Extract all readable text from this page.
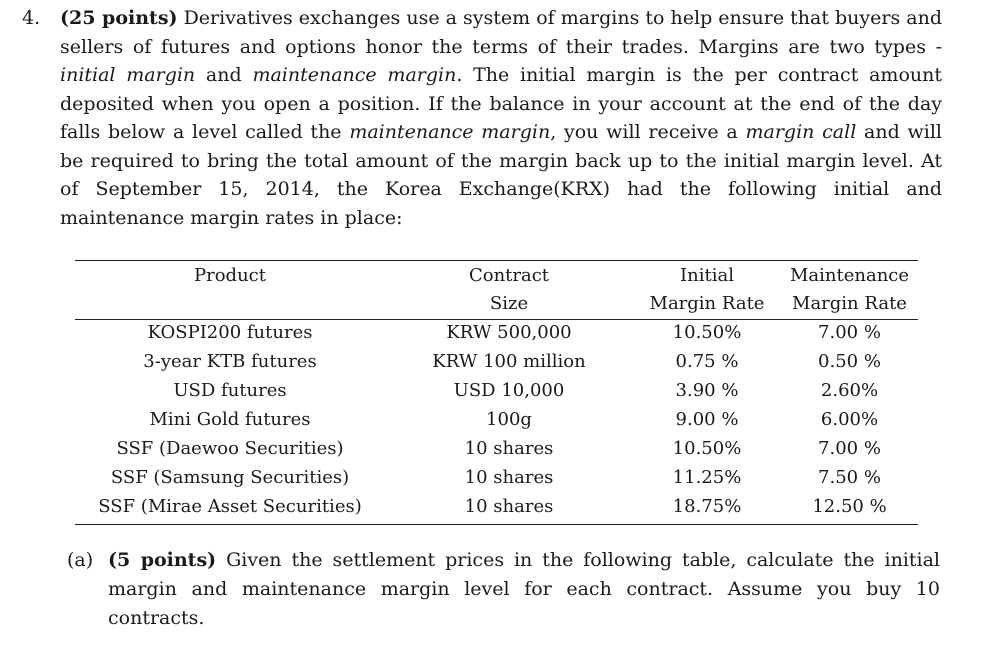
4. (25 points) Derivatives exchanges use a system of margins to help ensure that buyers and sellers of futures and options honor the terms of their trades. Margins are two types - initial margin and maintenance margin. The initial margin is the per contract amount deposited when you open a position. If the balance in your account at the end of the day falls below a level called the maintenance margin, you will receive a margin call and will be required to bring the total amount of the margin back up to the initial margin level. At of September 15, 2014, the Korea Exchange(KRX) had the following initial and maintenance margin rates in place:
Product	Contract	Initial	Maintenance
	Size	Margin Rate	Margin Rate
KOSPI200 futures	KRW 500,000	10.50%	7.00 %
3-year KTB futures	KRW 100 million	0.75 %	0.50 %
USD futures	USD 10,000	3.90 %	2.60%
Mini Gold futures	100g	9.00 %	6.00%
SSF (Daewoo Securities)	10 shares	10.50%	7.00 %
SSF (Samsung Securities)	10 shares	11.25%	7.50 %
SSF (Mirae Asset Securities)	10 shares	18.75%	12.50 %
(a) (5 points) Given the settlement prices in the following table, calculate the initial margin and maintenance margin level for each contract. Assume you buy 10 contracts.
